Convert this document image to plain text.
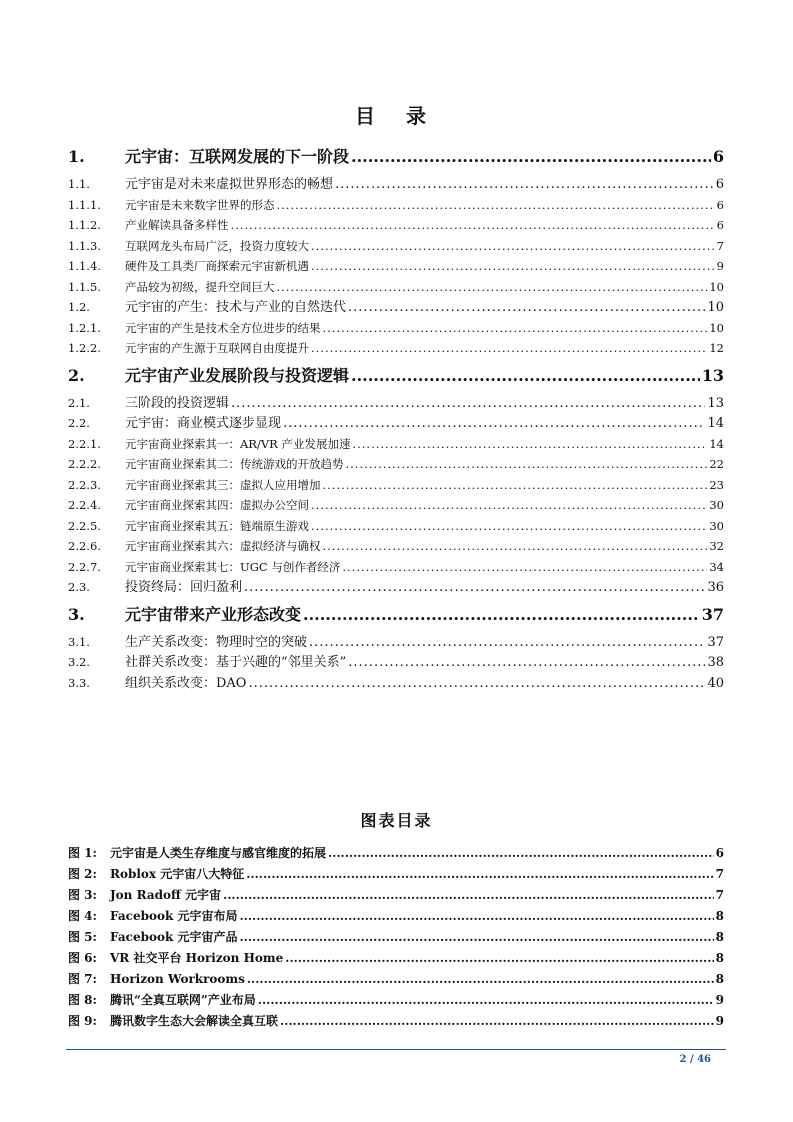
目 录
1.	元宇宙：互联网发展的下一阶段 .....	6
1.1.	元宇宙是对未来虚拟世界形态的畅想 .....	6
1.1.1.	元宇宙是未来数字世界的形态 .....	6
1.1.2.	产业解读具备多样性 .....	6
1.1.3.	互联网龙头布局广泛，投资力度较大 .....	7
1.1.4.	硬件及工具类厂商探索元宇宙新机遇 .....	9
1.1.5.	产品较为初级，提升空间巨大 .....	10
1.2.	元宇宙的产生：技术与产业的自然迭代 .....	10
1.2.1.	元宇宙的产生是技术全方位进步的结果 .....	10
1.2.2.	元宇宙的产生源于互联网自由度提升 .....	12
2.	元宇宙产业发展阶段与投资逻辑 .....	13
2.1.	三阶段的投资逻辑 .....	13
2.2.	元宇宙：商业模式逐步显现 .....	14
2.2.1.	元宇宙商业探索其一：AR/VR 产业发展加速 .....	14
2.2.2.	元宇宙商业探索其二：传统游戏的开放趋势 .....	22
2.2.3.	元宇宙商业探索其三：虚拟人应用增加 .....	23
2.2.4.	元宇宙商业探索其四：虚拟办公空间 .....	30
2.2.5.	元宇宙商业探索其五：链端原生游戏 .....	30
2.2.6.	元宇宙商业探索其六：虚拟经济与确权 .....	32
2.2.7.	元宇宙商业探索其七：UGC 与创作者经济 .....	34
2.3.	投资终局：回归盈利 .....	36
3.	元宇宙带来产业形态改变 .....	37
3.1.	生产关系改变：物理时空的突破 .....	37
3.2.	社群关系改变：基于兴趣的“邻里关系” .....	38
3.3.	组织关系改变：DAO .....	40
图表目录
图 1:	元宇宙是人类生存维度与感官维度的拓展 .....	6
图 2:	Roblox 元宇宙八大特征 .....	7
图 3:	Jon Radoff 元宇宙 .....	7
图 4:	Facebook 元宇宙布局 .....	8
图 5:	Facebook 元宇宙产品 .....	8
图 6:	VR 社交平台 Horizon Home .....	8
图 7:	Horizon Workrooms .....	8
图 8:	腾讯“全真互联网”产业布局 .....	9
图 9:	腾讯数字生态大会解读全真互联 .....	9
2 / 46
